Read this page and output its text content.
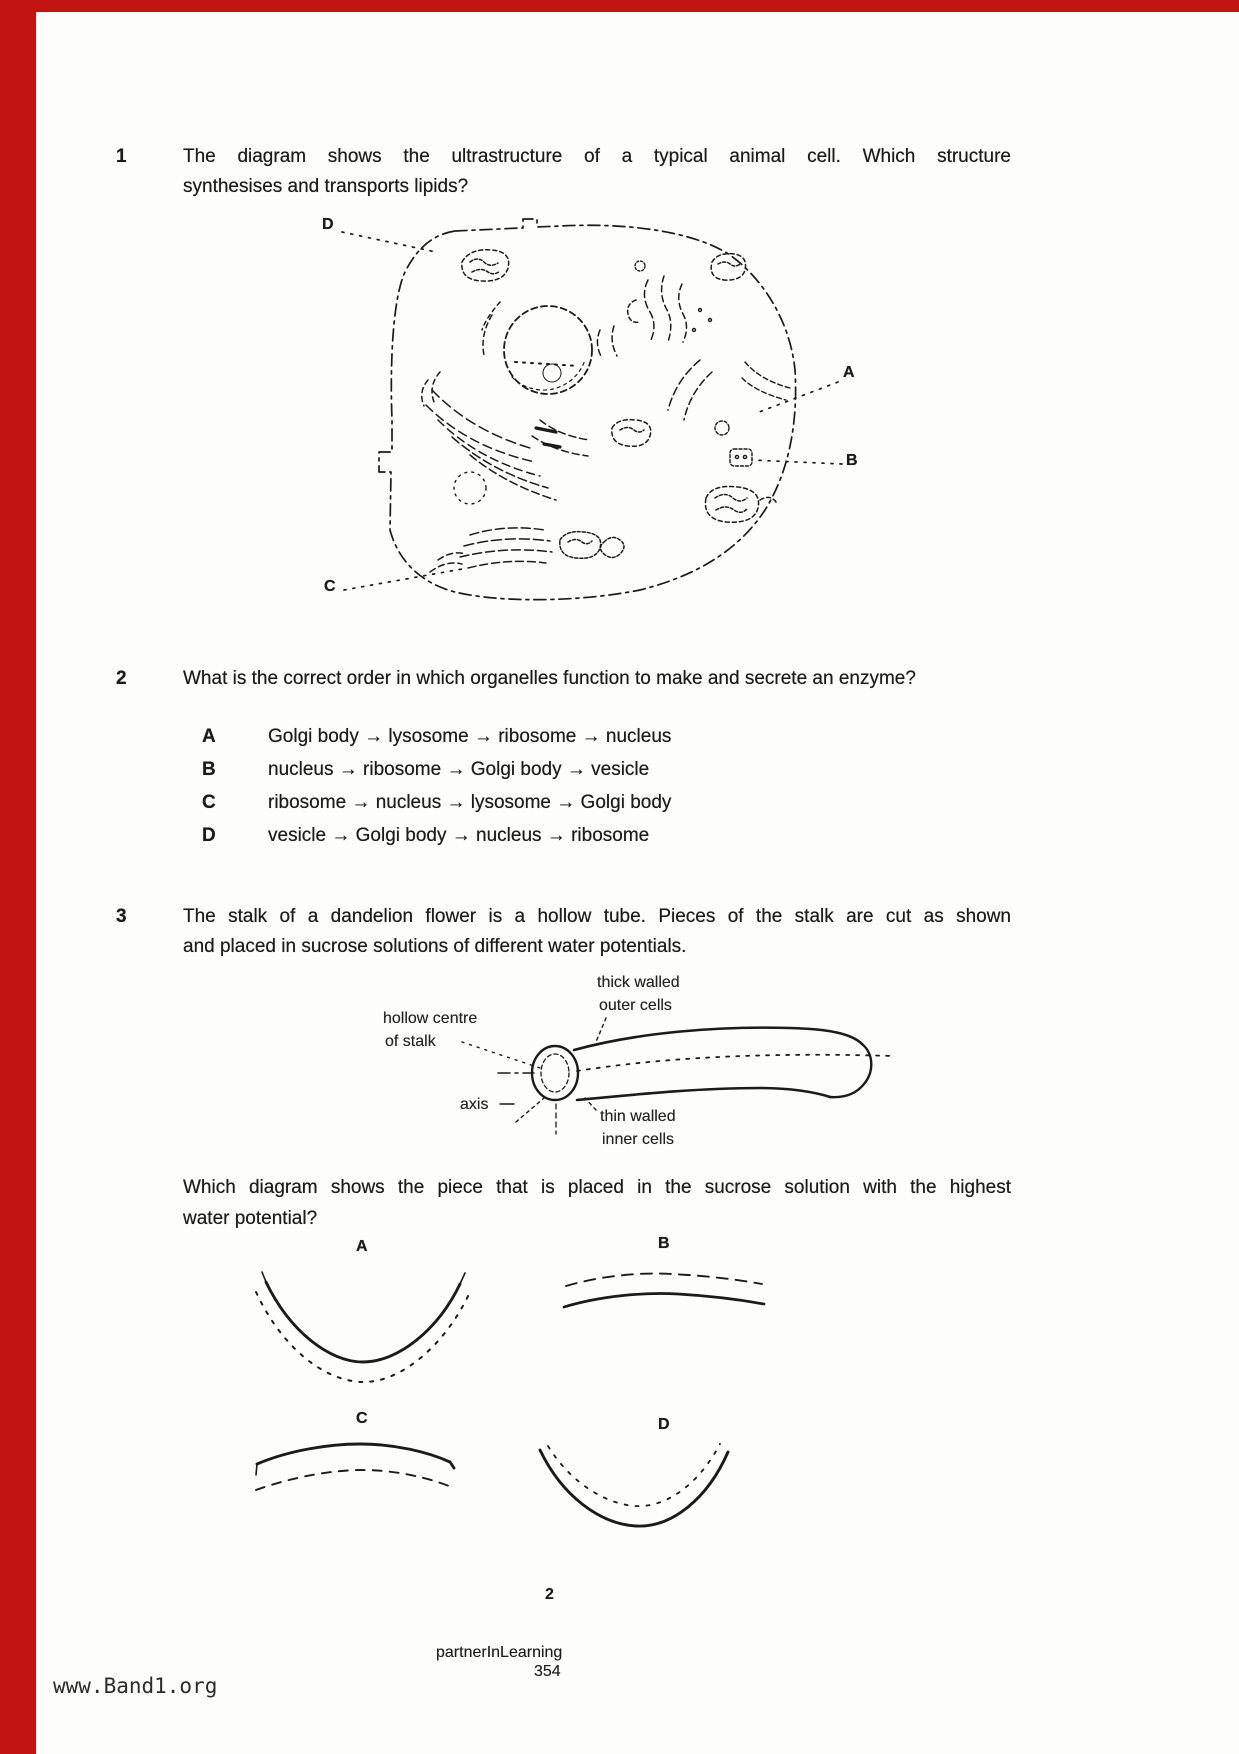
1	The diagram shows the ultrastructure of a typical animal cell. Which structure
synthesises and transports lipids?
D
A
B
C
2	What is the correct order in which organelles function to make and secrete an enzyme?
A	Golgi body → lysosome → ribosome → nucleus
B	nucleus → ribosome → Golgi body → vesicle
C	ribosome → nucleus → lysosome → Golgi body
D	vesicle → Golgi body → nucleus → ribosome
3	The stalk of a dandelion flower is a hollow tube. Pieces of the stalk are cut as shown
and placed in sucrose solutions of different water potentials.
thick walled
outer cells
hollow centre
of stalk
axis
thin walled
inner cells
Which diagram shows the piece that is placed in the sucrose solution with the highest
water potential?
A	B
C	D
2
partnerInLearning
354
www.Band1.org
